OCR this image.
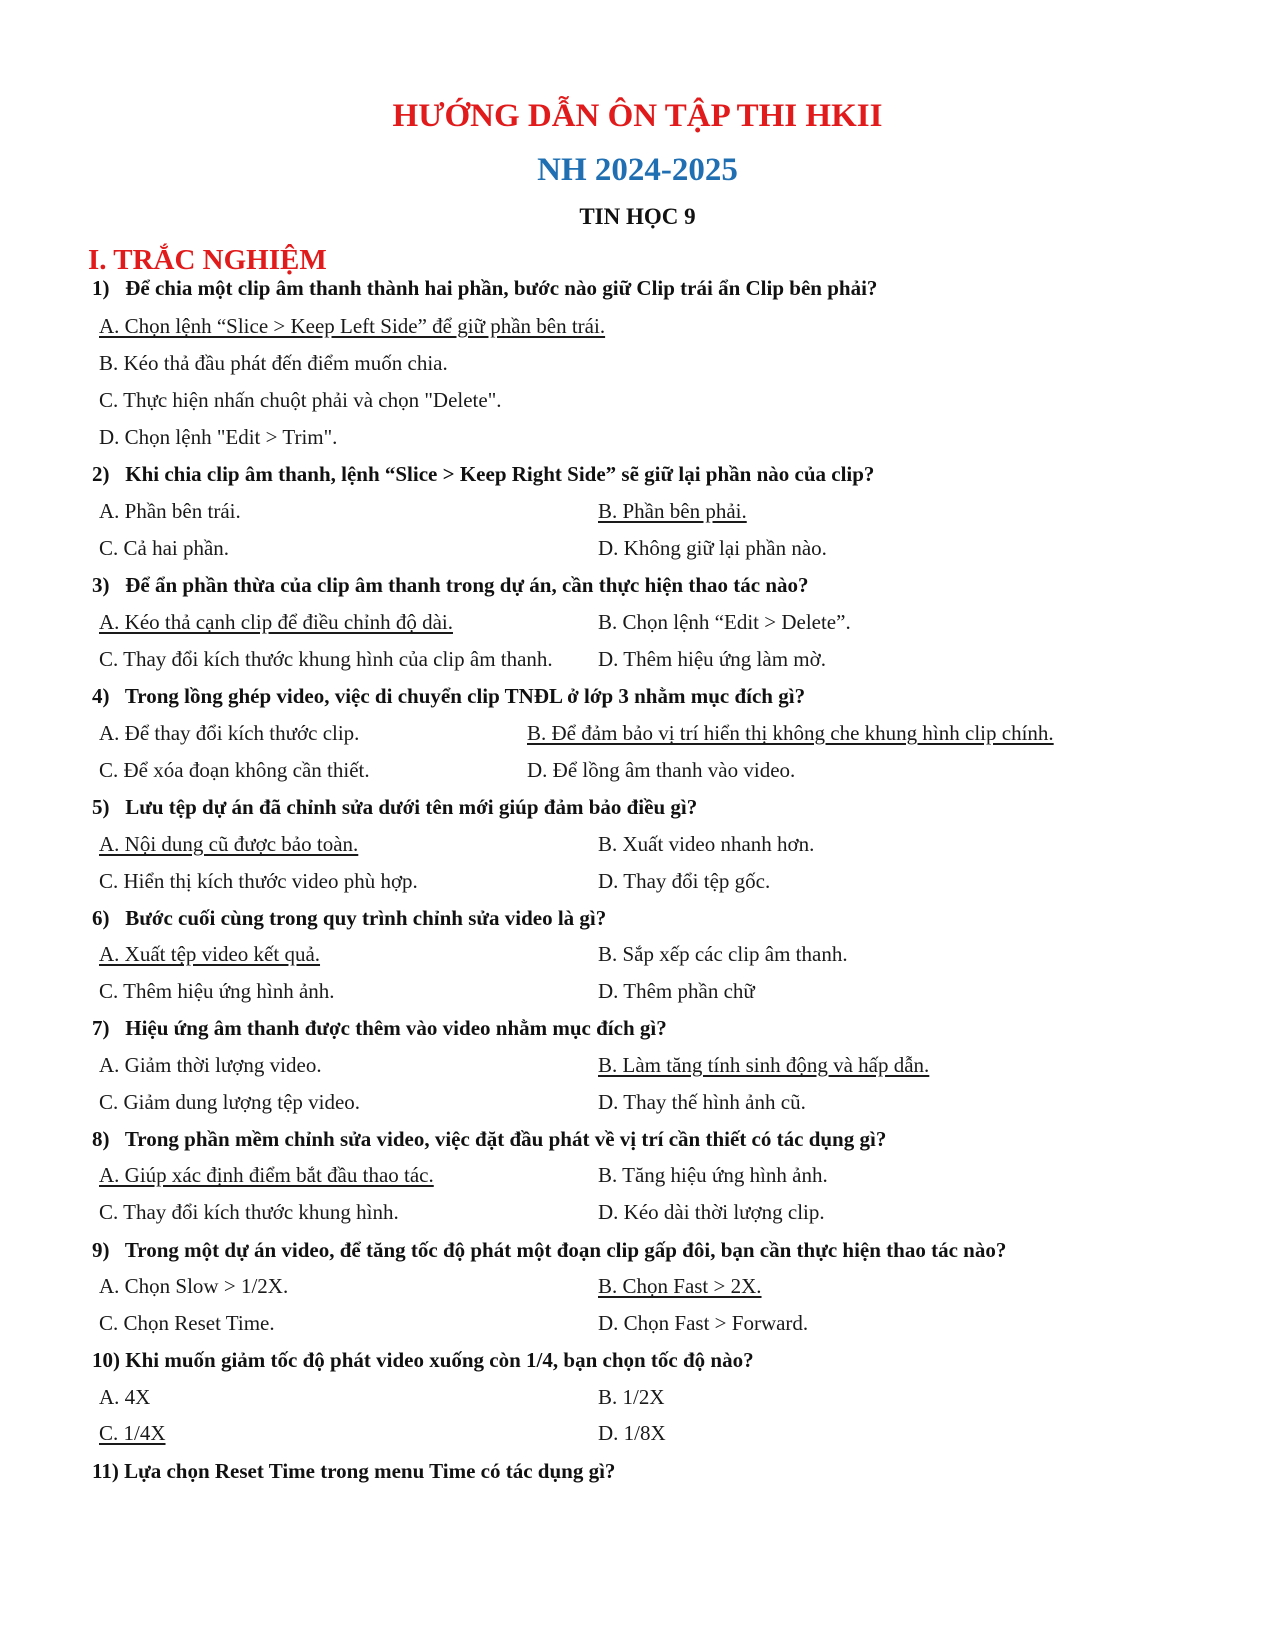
HƯỚNG DẪN ÔN TẬP THI HKII
NH 2024-2025
TIN HỌC 9
I. TRẮC NGHIỆM
1)   Để chia một clip âm thanh thành hai phần, bước nào giữ Clip trái ẩn Clip bên phải?
A. Chọn lệnh “Slice > Keep Left Side” để giữ phần bên trái.
B. Kéo thả đầu phát đến điểm muốn chia.
C. Thực hiện nhấn chuột phải và chọn "Delete".
D. Chọn lệnh "Edit > Trim".
2)   Khi chia clip âm thanh, lệnh “Slice > Keep Right Side” sẽ giữ lại phần nào của clip?
A. Phần bên trái.	B. Phần bên phải.
C. Cả hai phần.	D. Không giữ lại phần nào.
3)   Để ẩn phần thừa của clip âm thanh trong dự án, cần thực hiện thao tác nào?
A. Kéo thả cạnh clip để điều chỉnh độ dài.	B. Chọn lệnh “Edit > Delete”.
C. Thay đổi kích thước khung hình của clip âm thanh. D. Thêm hiệu ứng làm mờ.
4)   Trong lồng ghép video, việc di chuyển clip TNĐL ở lớp 3 nhằm mục đích gì?
A. Để thay đổi kích thước clip.	B. Để đảm bảo vị trí hiển thị không che khung hình clip chính.
C. Để xóa đoạn không cần thiết.	D. Để lồng âm thanh vào video.
5)   Lưu tệp dự án đã chỉnh sửa dưới tên mới giúp đảm bảo điều gì?
A. Nội dung cũ được bảo toàn.	B. Xuất video nhanh hơn.
C. Hiển thị kích thước video phù hợp.	D. Thay đổi tệp gốc.
6)   Bước cuối cùng trong quy trình chỉnh sửa video là gì?
A. Xuất tệp video kết quả.	B. Sắp xếp các clip âm thanh.
C. Thêm hiệu ứng hình ảnh.	D. Thêm phần chữ
7)   Hiệu ứng âm thanh được thêm vào video nhằm mục đích gì?
A. Giảm thời lượng video.	B. Làm tăng tính sinh động và hấp dẫn.
C. Giảm dung lượng tệp video.	D. Thay thế hình ảnh cũ.
8)   Trong phần mềm chỉnh sửa video, việc đặt đầu phát về vị trí cần thiết có tác dụng gì?
A. Giúp xác định điểm bắt đầu thao tác.	B. Tăng hiệu ứng hình ảnh.
C. Thay đổi kích thước khung hình.	D. Kéo dài thời lượng clip.
9)   Trong một dự án video, để tăng tốc độ phát một đoạn clip gấp đôi, bạn cần thực hiện thao tác nào?
A. Chọn Slow > 1/2X.	B. Chọn Fast > 2X.
C. Chọn Reset Time.	D. Chọn Fast > Forward.
10) Khi muốn giảm tốc độ phát video xuống còn 1/4, bạn chọn tốc độ nào?
A. 4X	B. 1/2X
C. 1/4X	D. 1/8X
11) Lựa chọn Reset Time trong menu Time có tác dụng gì?
